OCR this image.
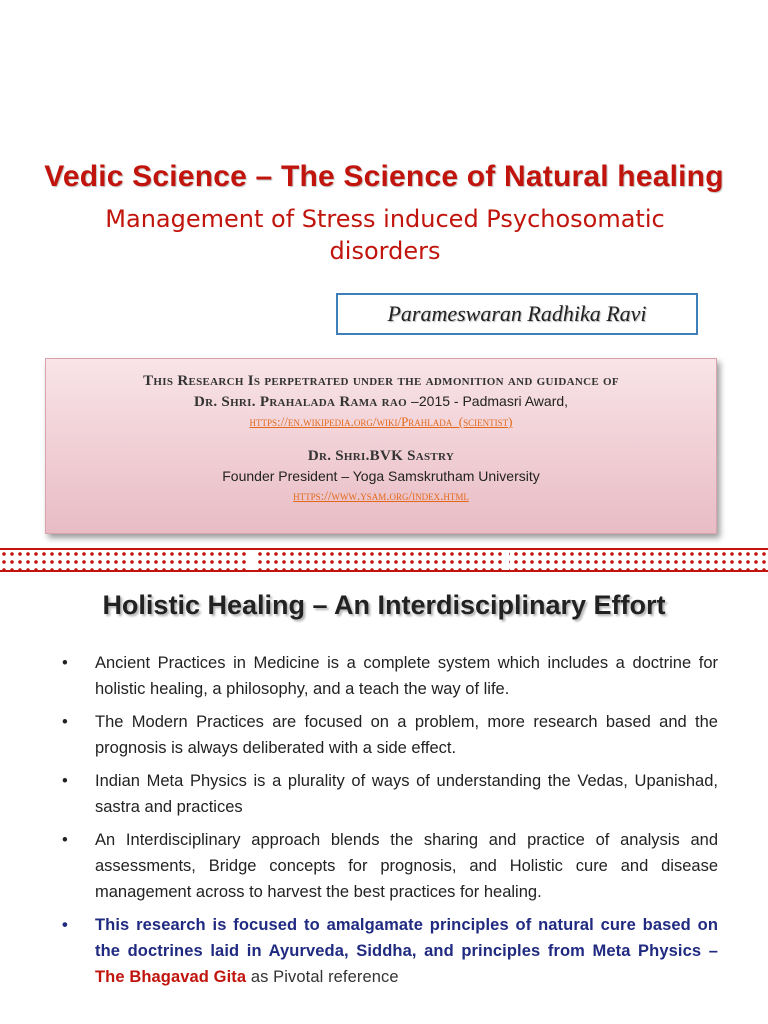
Vedic Science – The Science of Natural healing
Management of Stress induced Psychosomatic disorders
Parameswaran Radhika Ravi
This Research Is perpetrated under the admonition and guidance of
Dr. Shri. Prahalada Rama rao –2015 - Padmasri Award,
https://en.wikipedia.org/wiki/Prahlada_(scientist)
Dr. Shri.BVK Sastry
Founder President – Yoga Samskrutham University
https://www.ysam.org/index.html
Holistic Healing – An Interdisciplinary Effort
• Ancient Practices in Medicine is a complete system which includes a doctrine for holistic healing, a philosophy, and a teach the way of life.
• The Modern Practices are focused on a problem, more research based and the prognosis is always deliberated with a side effect.
• Indian Meta Physics is a plurality of ways of understanding the Vedas, Upanishad, sastra and practices
• An Interdisciplinary approach blends the sharing and practice of analysis and assessments, Bridge concepts for prognosis, and Holistic cure and disease management across to harvest the best practices for healing.
• This research is focused to amalgamate principles of natural cure based on the doctrines laid in Ayurveda, Siddha, and principles from Meta Physics – The Bhagavad Gita as Pivotal reference
